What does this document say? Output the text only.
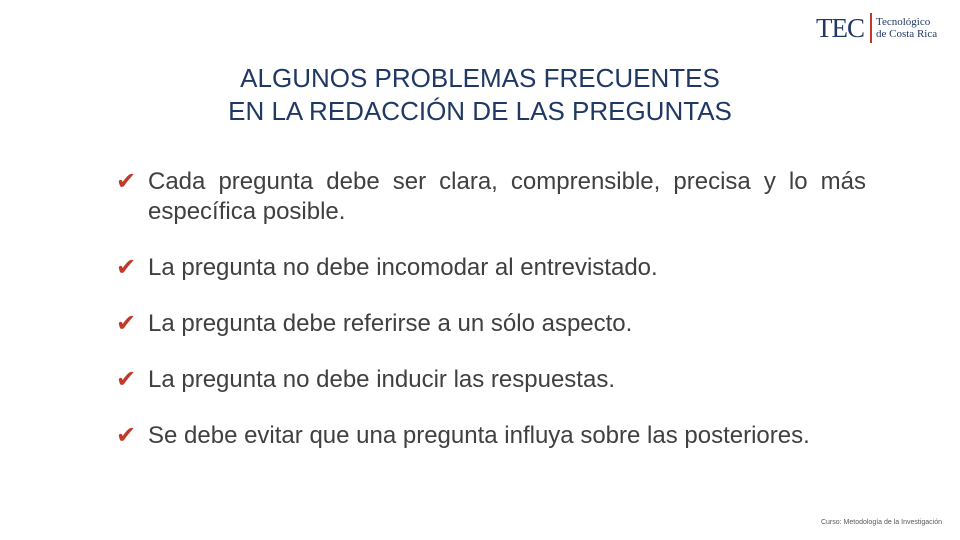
TEC Tecnológico
de Costa Rica
ALGUNOS PROBLEMAS FRECUENTES
EN LA REDACCIÓN DE LAS PREGUNTAS
✔ Cada pregunta debe ser clara, comprensible, precisa y lo más específica posible.
✔ La pregunta no debe incomodar al entrevistado.
✔ La pregunta debe referirse a un sólo aspecto.
✔ La pregunta no debe inducir las respuestas.
✔ Se debe evitar que una pregunta influya sobre las posteriores.
Curso: Metodología de la Investigación
